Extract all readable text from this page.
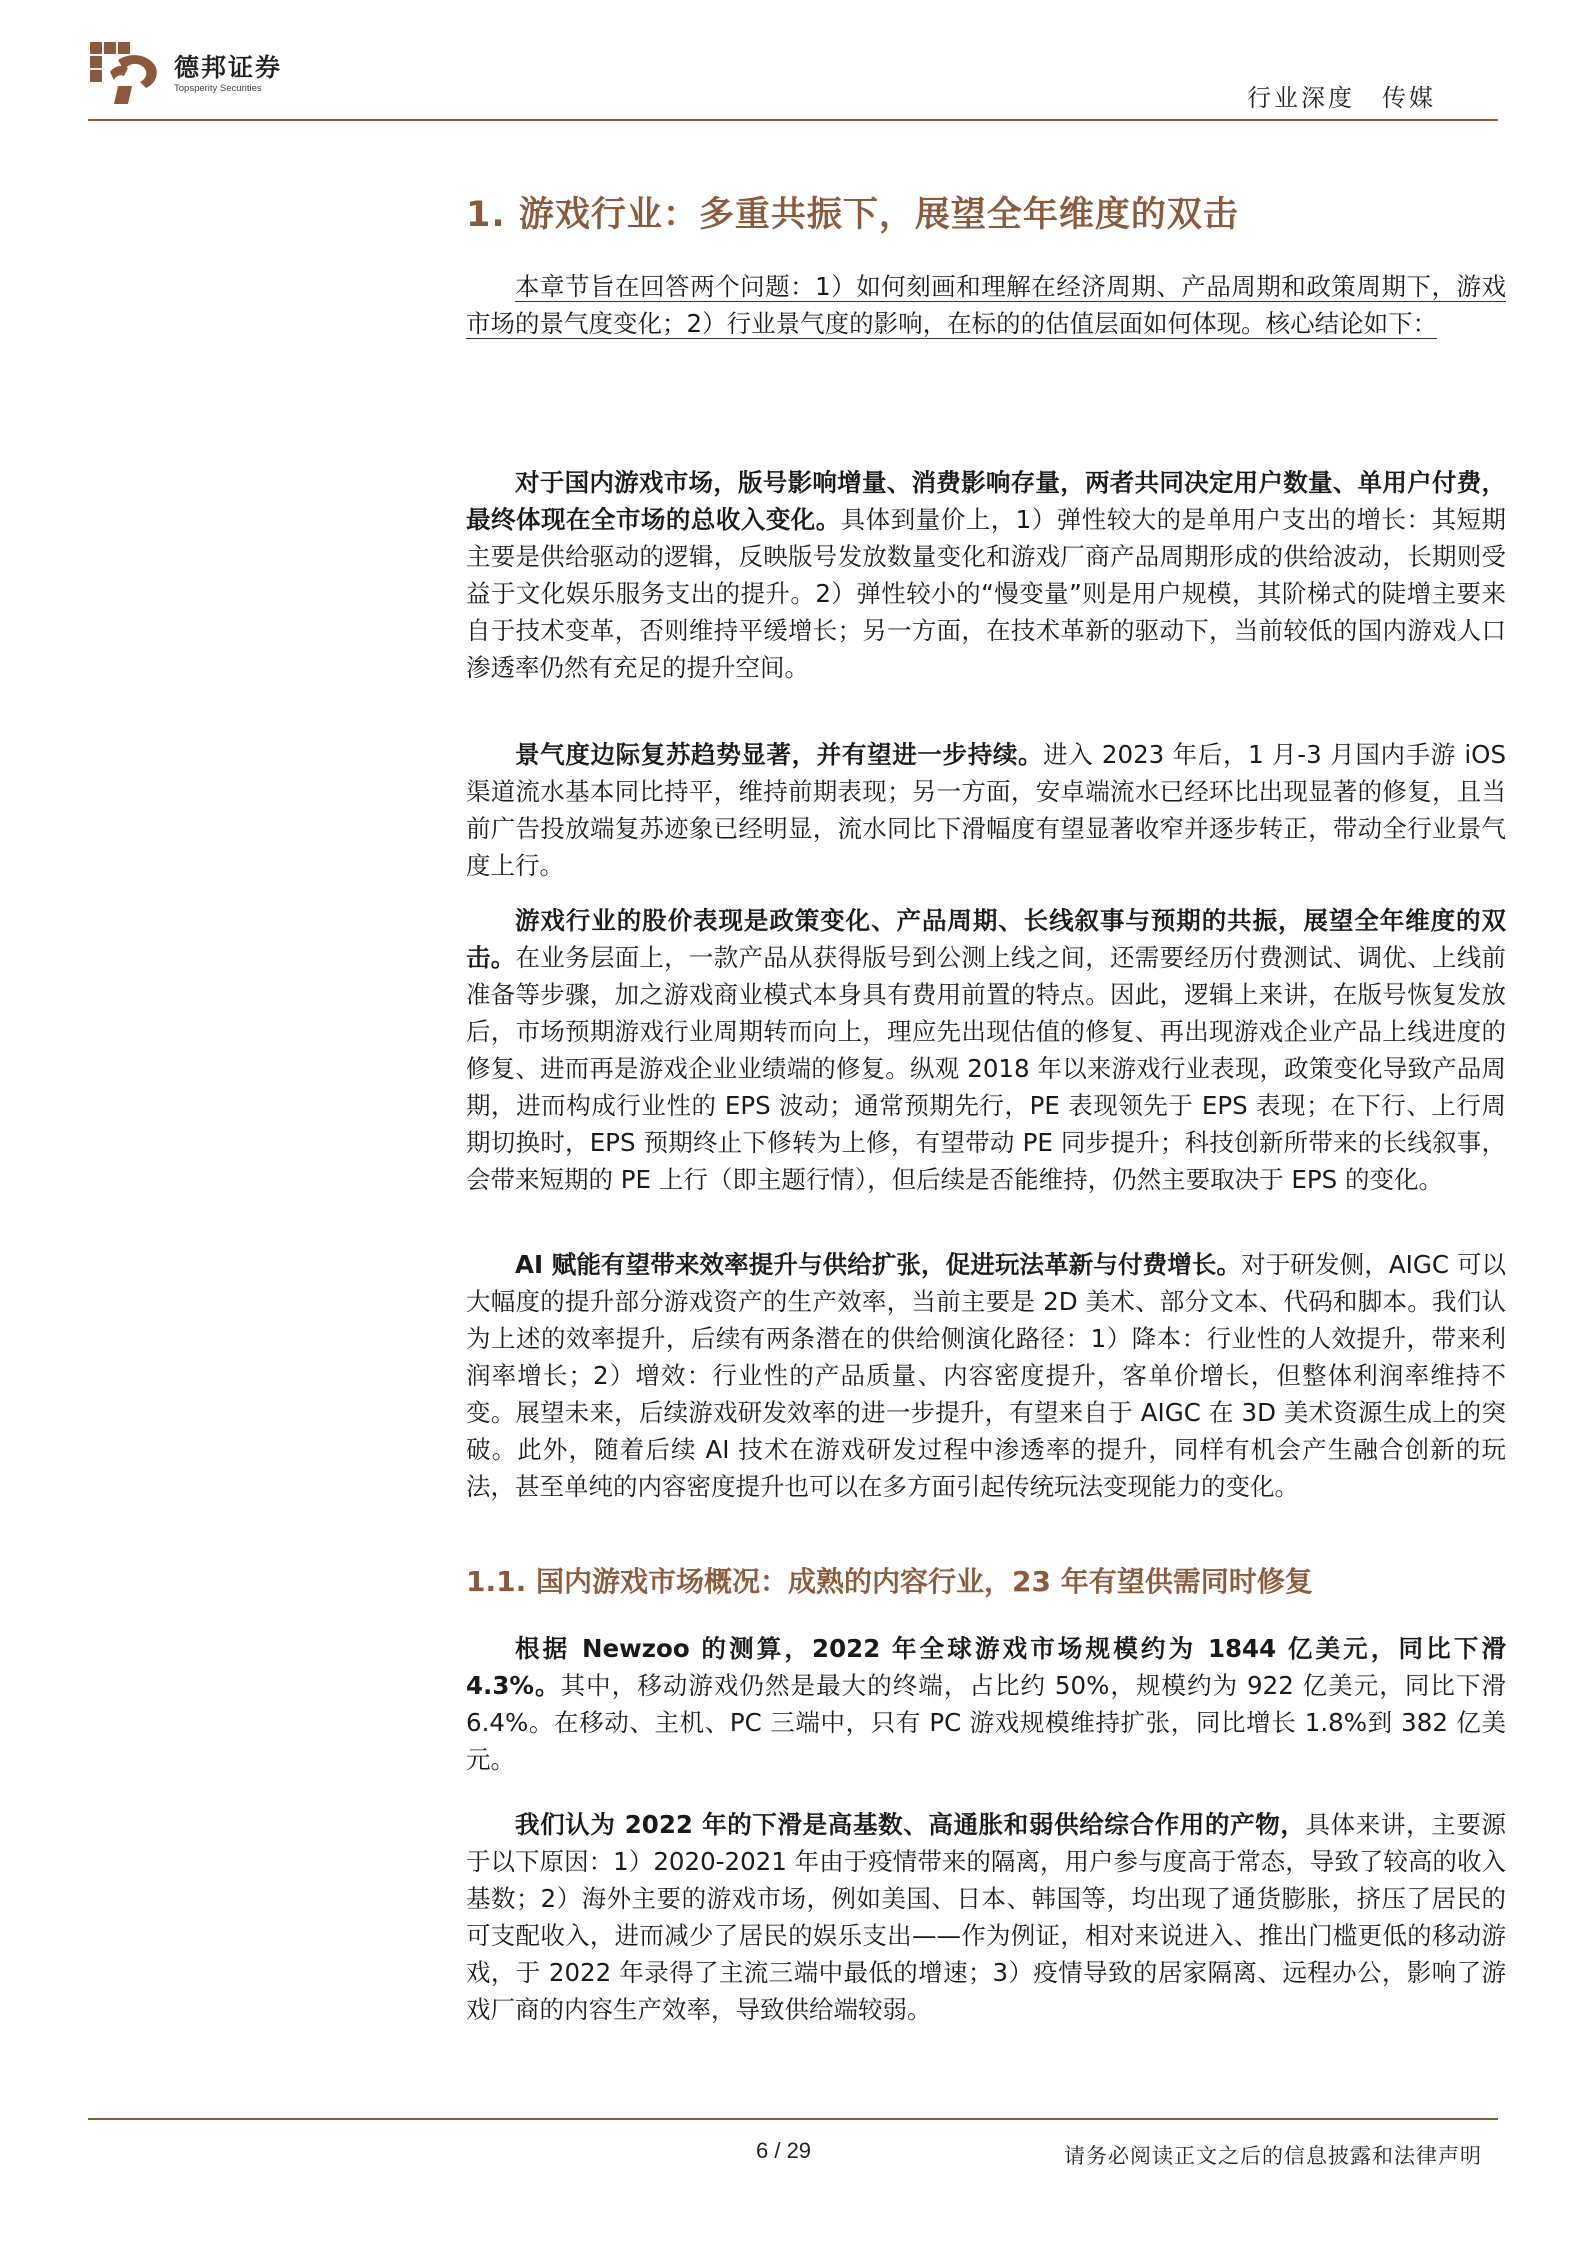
德邦证券
Topsperity Securities	行业深度　传媒
1. 游戏行业：多重共振下，展望全年维度的双击

本章节旨在回答两个问题：1）如何刻画和理解在经济周期、产品周期和政策周期下，游戏市场的景气度变化；2）行业景气度的影响，在标的的估值层面如何体现。核心结论如下：

对于国内游戏市场，版号影响增量、消费影响存量，两者共同决定用户数量、单用户付费，最终体现在全市场的总收入变化。具体到量价上，1）弹性较大的是单用户支出的增长：其短期主要是供给驱动的逻辑，反映版号发放数量变化和游戏厂商产品周期形成的供给波动，长期则受益于文化娱乐服务支出的提升。2）弹性较小的“慢变量”则是用户规模，其阶梯式的陡增主要来自于技术变革，否则维持平缓增长；另一方面，在技术革新的驱动下，当前较低的国内游戏人口渗透率仍然有充足的提升空间。

景气度边际复苏趋势显著，并有望进一步持续。进入 2023 年后，1 月-3 月国内手游 iOS 渠道流水基本同比持平，维持前期表现；另一方面，安卓端流水已经环比出现显著的修复，且当前广告投放端复苏迹象已经明显，流水同比下滑幅度有望显著收窄并逐步转正，带动全行业景气度上行。

游戏行业的股价表现是政策变化、产品周期、长线叙事与预期的共振，展望全年维度的双击。在业务层面上，一款产品从获得版号到公测上线之间，还需要经历付费测试、调优、上线前准备等步骤，加之游戏商业模式本身具有费用前置的特点。因此，逻辑上来讲，在版号恢复发放后，市场预期游戏行业周期转而向上，理应先出现估值的修复、再出现游戏企业产品上线进度的修复、进而再是游戏企业业绩端的修复。纵观 2018 年以来游戏行业表现，政策变化导致产品周期，进而构成行业性的 EPS 波动；通常预期先行，PE 表现领先于 EPS 表现；在下行、上行周期切换时，EPS 预期终止下修转为上修，有望带动 PE 同步提升；科技创新所带来的长线叙事，会带来短期的 PE 上行（即主题行情），但后续是否能维持，仍然主要取决于 EPS 的变化。

AI 赋能有望带来效率提升与供给扩张，促进玩法革新与付费增长。对于研发侧，AIGC 可以大幅度的提升部分游戏资产的生产效率，当前主要是 2D 美术、部分文本、代码和脚本。我们认为上述的效率提升，后续有两条潜在的供给侧演化路径：1）降本：行业性的人效提升，带来利润率增长；2）增效：行业性的产品质量、内容密度提升，客单价增长，但整体利润率维持不变。展望未来，后续游戏研发效率的进一步提升，有望来自于 AIGC 在 3D 美术资源生成上的突破。此外，随着后续 AI 技术在游戏研发过程中渗透率的提升，同样有机会产生融合创新的玩法，甚至单纯的内容密度提升也可以在多方面引起传统玩法变现能力的变化。

1.1. 国内游戏市场概况：成熟的内容行业，23 年有望供需同时修复

根据 Newzoo 的测算，2022 年全球游戏市场规模约为 1844 亿美元，同比下滑 4.3%。其中，移动游戏仍然是最大的终端，占比约 50%，规模约为 922 亿美元，同比下滑 6.4%。在移动、主机、PC 三端中，只有 PC 游戏规模维持扩张，同比增长 1.8%到 382 亿美元。

我们认为 2022 年的下滑是高基数、高通胀和弱供给综合作用的产物，具体来讲，主要源于以下原因：1）2020-2021 年由于疫情带来的隔离，用户参与度高于常态，导致了较高的收入基数；2）海外主要的游戏市场，例如美国、日本、韩国等，均出现了通货膨胀，挤压了居民的可支配收入，进而减少了居民的娱乐支出——作为例证，相对来说进入、推出门槛更低的移动游戏，于 2022 年录得了主流三端中最低的增速；3）疫情导致的居家隔离、远程办公，影响了游戏厂商的内容生产效率，导致供给端较弱。

6 / 29	请务必阅读正文之后的信息披露和法律声明
